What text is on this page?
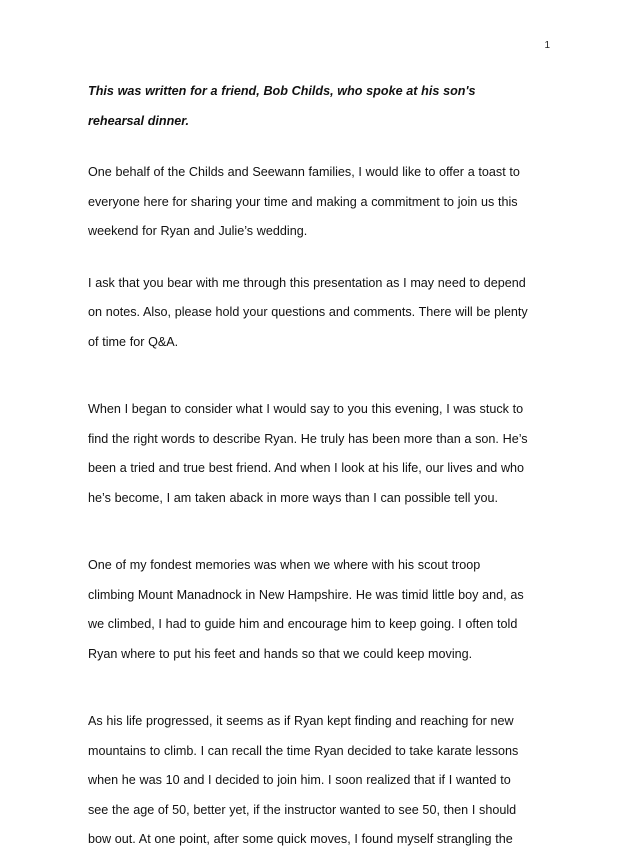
1

This was written for a friend, Bob Childs, who spoke at his son's
rehearsal dinner.

One behalf of the Childs and Seewann families, I would like to offer a toast to
everyone here for sharing your time and making a commitment to join us this
weekend for Ryan and Julie’s wedding.

I ask that you bear with me through this presentation as I may need to depend
on notes. Also, please hold your questions and comments. There will be plenty
of time for Q&A.

When I began to consider what I would say to you this evening, I was stuck to
find the right words to describe Ryan. He truly has been more than a son. He’s
been a tried and true best friend. And when I look at his life, our lives and who
he’s become, I am taken aback in more ways than I can possible tell you.

One of my fondest memories was when we where with his scout troop
climbing Mount Manadnock in New Hampshire. He was timid little boy and, as
we climbed, I had to guide him and encourage him to keep going. I often told
Ryan where to put his feet and hands so that we could keep moving.

As his life progressed, it seems as if Ryan kept finding and reaching for new
mountains to climb. I can recall the time Ryan decided to take karate lessons
when he was 10 and I decided to join him. I soon realized that if I wanted to
see the age of 50, better yet, if the instructor wanted to see 50, then I should
bow out. At one point, after some quick moves, I found myself strangling the
